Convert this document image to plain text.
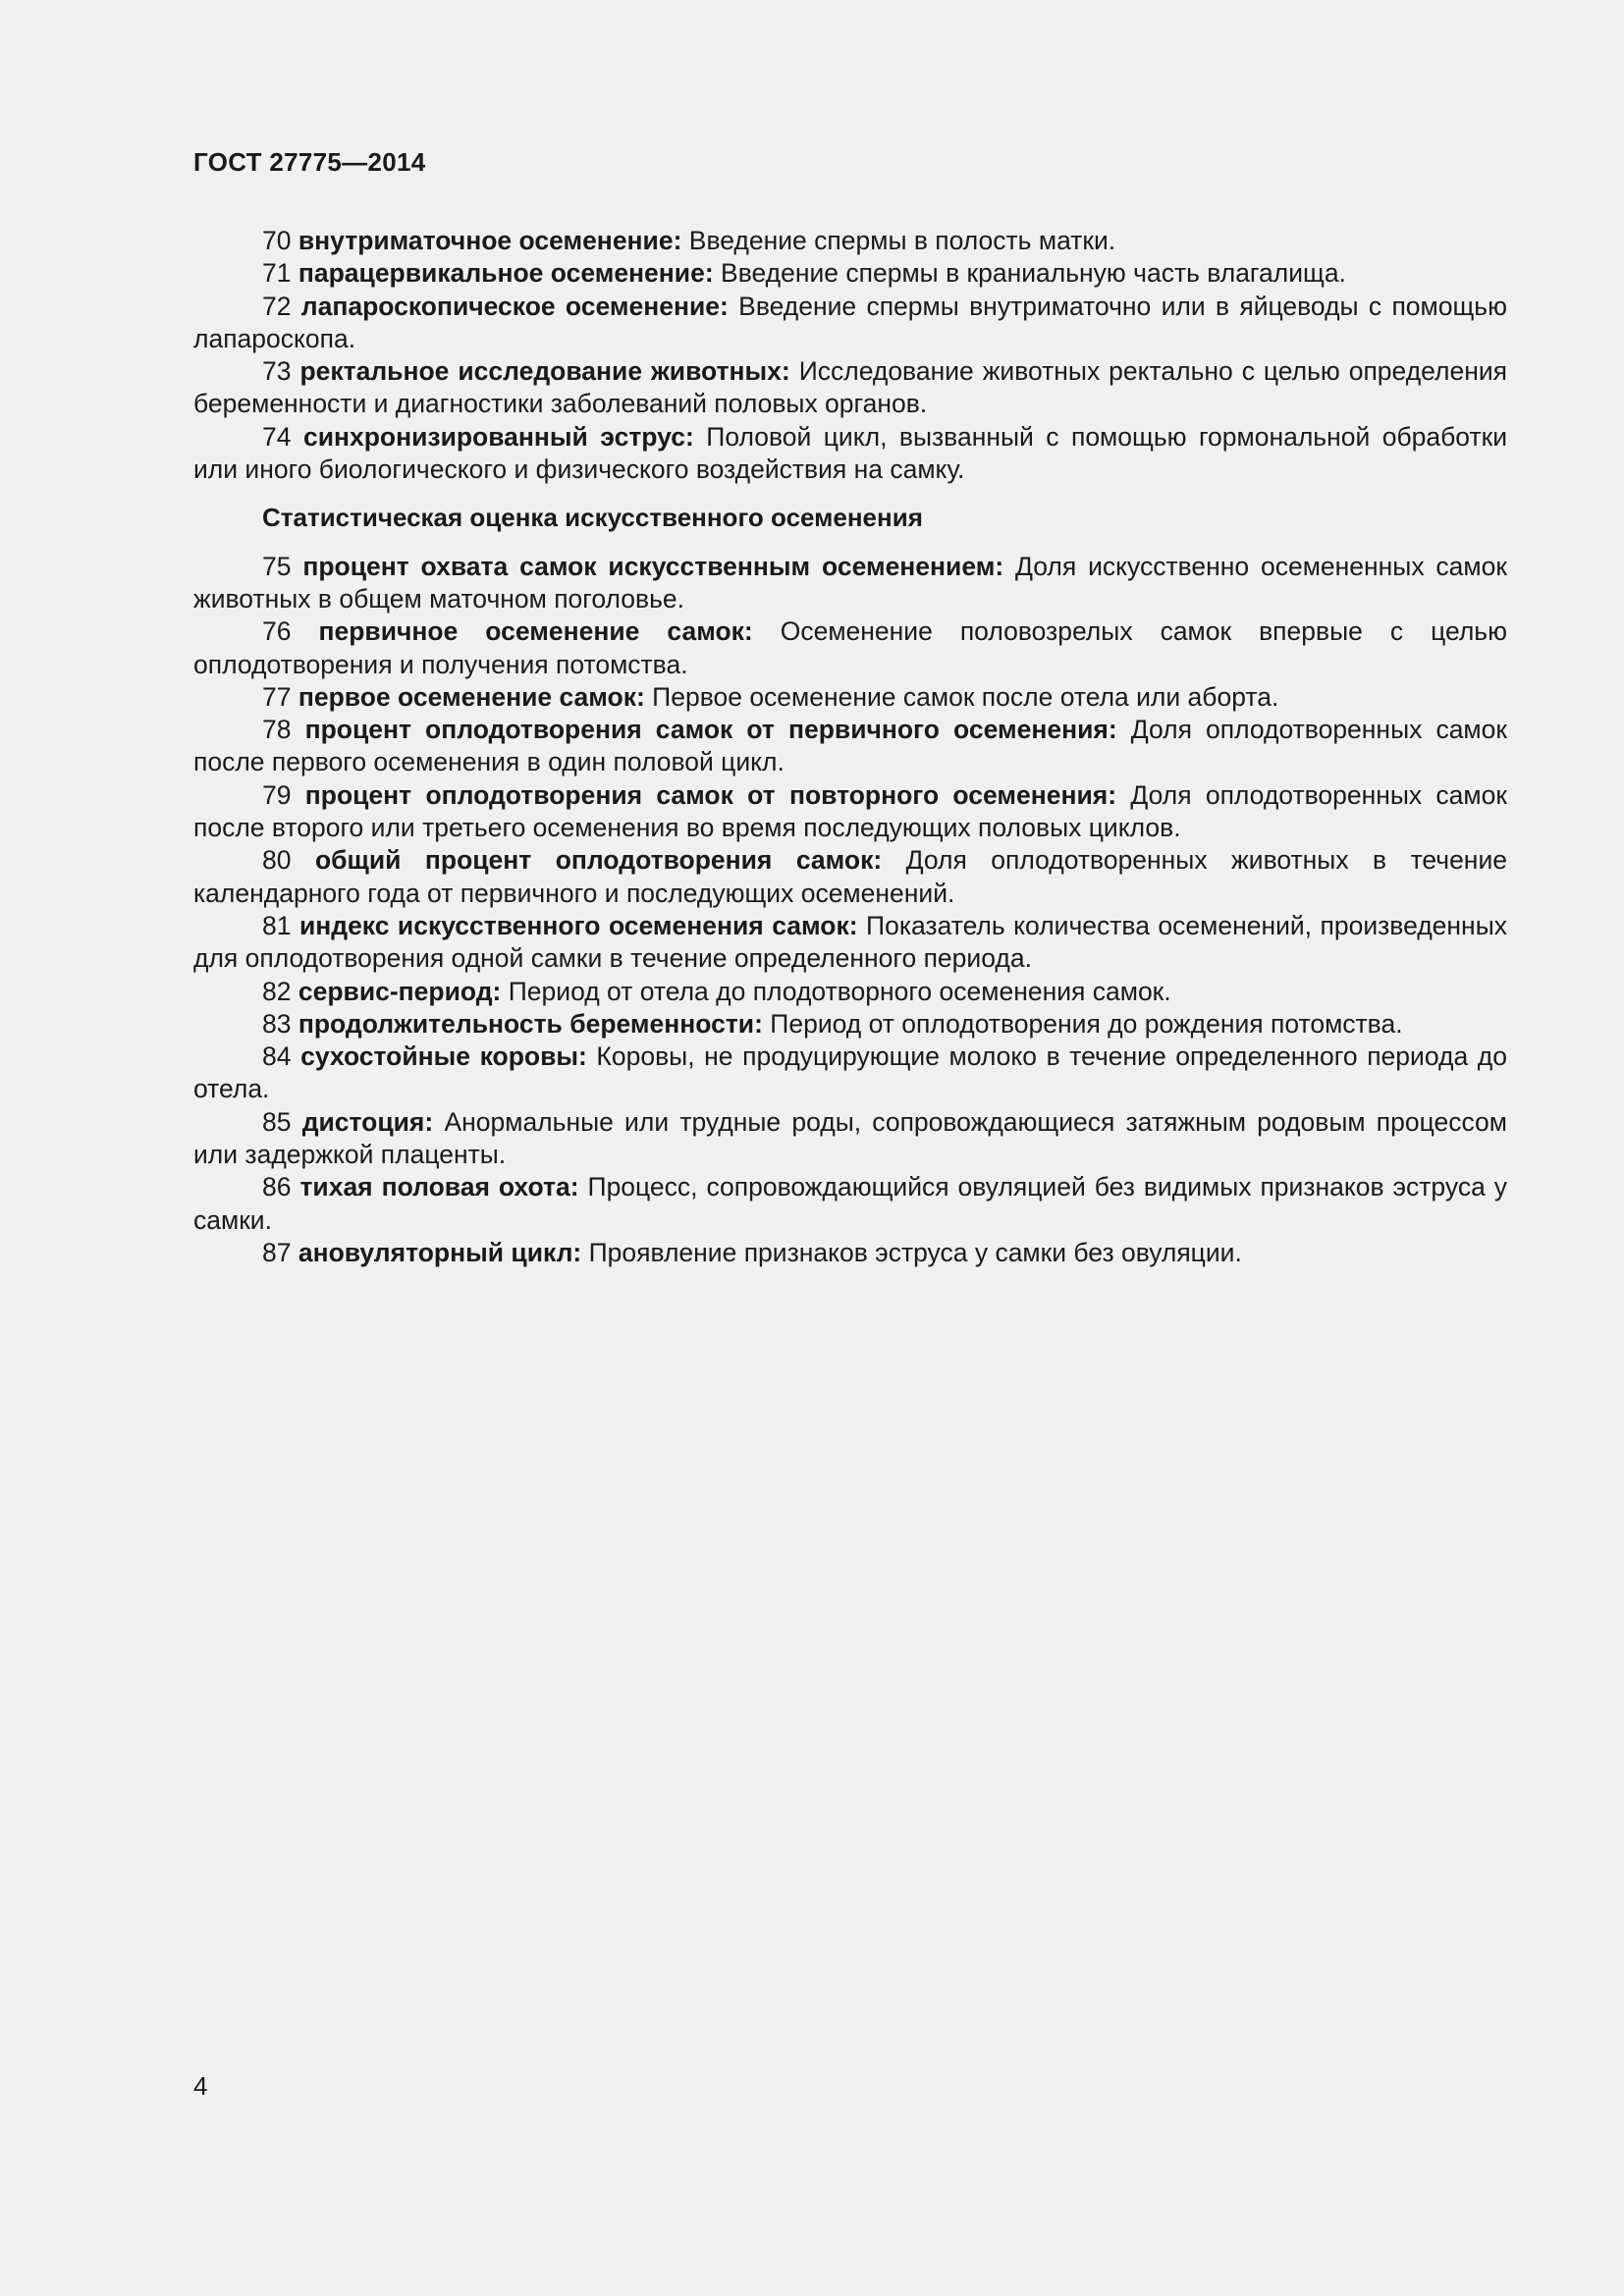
ГОСТ 27775—2014

70 внутриматочное осеменение: Введение спермы в полость матки.

71 парацервикальное осеменение: Введение спермы в краниальную часть влагалища.

72 лапароскопическое осеменение: Введение спермы внутриматочно или в яйцеводы с помощью лапароскопа.

73 ректальное исследование животных: Исследование животных ректально с целью определения беременности и диагностики заболеваний половых органов.

74 синхронизированный эструс: Половой цикл, вызванный с помощью гормональной обработки или иного биологического и физического воздействия на самку.

Статистическая оценка искусственного осеменения

75 процент охвата самок искусственным осеменением: Доля искусственно осемененных самок животных в общем маточном поголовье.

76 первичное осеменение самок: Осеменение половозрелых самок впервые с целью оплодотворения и получения потомства.

77 первое осеменение самок: Первое осеменение самок после отела или аборта.

78 процент оплодотворения самок от первичного осеменения: Доля оплодотворенных самок после первого осеменения в один половой цикл.

79 процент оплодотворения самок от повторного осеменения: Доля оплодотворенных самок после второго или третьего осеменения во время последующих половых циклов.

80 общий процент оплодотворения самок: Доля оплодотворенных животных в течение календарного года от первичного и последующих осеменений.

81 индекс искусственного осеменения самок: Показатель количества осеменений, произведенных для оплодотворения одной самки в течение определенного периода.

82 сервис-период: Период от отела до плодотворного осеменения самок.

83 продолжительность беременности: Период от оплодотворения до рождения потомства.

84 сухостойные коровы: Коровы, не продуцирующие молоко в течение определенного периода до отела.

85 дистоция: Анормальные или трудные роды, сопровождающиеся затяжным родовым процессом или задержкой плаценты.

86 тихая половая охота: Процесс, сопровождающийся овуляцией без видимых признаков эструса у самки.

87 ановуляторный цикл: Проявление признаков эструса у самки без овуляции.

4
